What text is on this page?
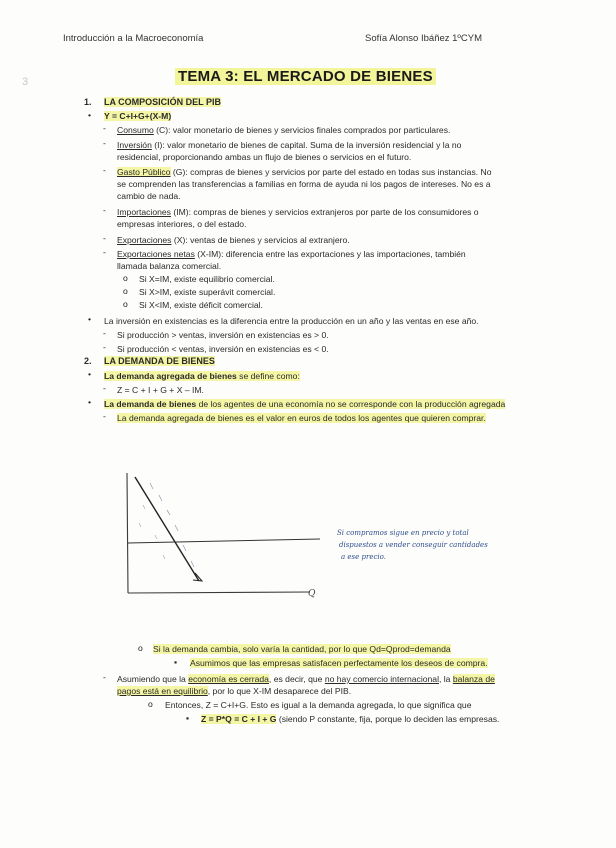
Introducción a la Macroeconomía	Sofía Alonso Ibáñez 1ºCYM
3	TEMA 3: EL MERCADO DE BIENES
1. LA COMPOSICIÓN DEL PIB
• Y = C+I+G+(X-M)
- Consumo (C): valor monetario de bienes y servicios finales comprados por particulares.
- Inversión (I): valor monetario de bienes de capital. Suma de la inversión residencial y la no
residencial, proporcionando ambas un flujo de bienes o servicios en el futuro.
- Gasto Público (G): compras de bienes y servicios por parte del estado en todas sus instancias. No
se comprenden las transferencias a familias en forma de ayuda ni los pagos de intereses. No es a
cambio de nada.
- Importaciones (IM): compras de bienes y servicios extranjeros por parte de los consumidores o
empresas interiores, o del estado.
- Exportaciones (X): ventas de bienes y servicios al extranjero.
- Exportaciones netas (X-IM): diferencia entre las exportaciones y las importaciones, también
llamada balanza comercial.
o Si X=IM, existe equilibrio comercial.
o Si X>IM, existe superávit comercial.
o Si X<IM, existe déficit comercial.
• La inversión en existencias es la diferencia entre la producción en un año y las ventas en ese año.
- Si producción > ventas, inversión en existencias es > 0.
- Si producción < ventas, inversión en existencias es < 0.
2. LA DEMANDA DE BIENES
• La demanda agregada de bienes se define como:
- Z = C + I + G + X – IM.
• La demanda de bienes de los agentes de una economía no se corresponde con la producción agregada
- La demanda agregada de bienes es el valor en euros de todos los agentes que quieren comprar.
Q
Si compramos sigue en precio y total
dispuestos a vender conseguir cantidades
a ese precio.
o Si la demanda cambia, solo varía la cantidad, por lo que Qd=Qprod=demanda
▪ Asumimos que las empresas satisfacen perfectamente los deseos de compra.
- Asumiendo que la economía es cerrada, es decir, que no hay comercio internacional, la balanza de
pagos está en equilibrio, por lo que X-IM desaparece del PIB.
o Entonces, Z = C+I+G. Esto es igual a la demanda agregada, lo que significa que
▪ Z = P*Q = C + I + G (siendo P constante, fija, porque lo deciden las empresas.
